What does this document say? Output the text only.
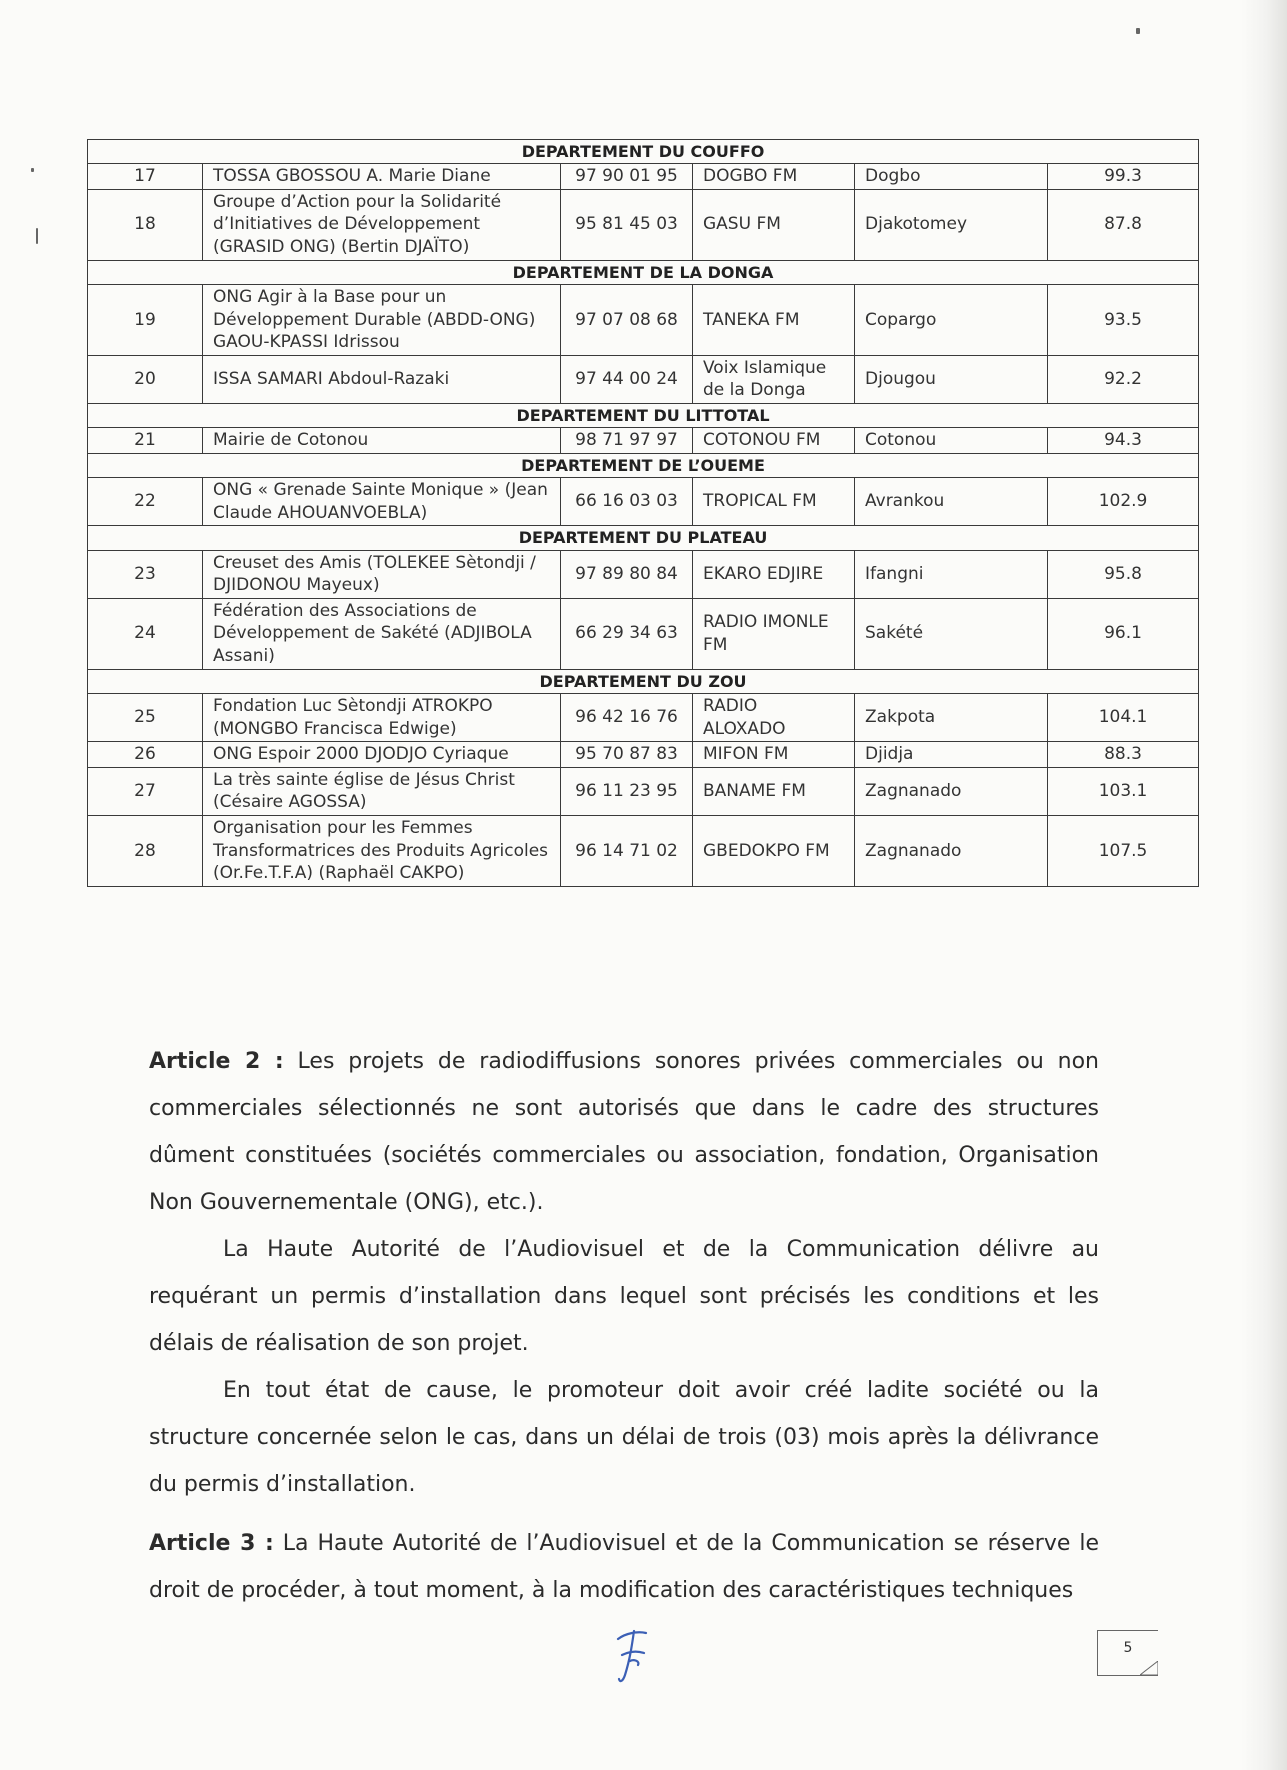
DEPARTEMENT DU COUFFO					
17	TOSSA GBOSSOU A. Marie Diane	97 90 01 95	DOGBO FM	Dogbo	99.3
18	Groupe d’Action pour la Solidarité d’Initiatives de Développement (GRASID ONG) (Bertin DJAÏTO)	95 81 45 03	GASU FM	Djakotomey	87.8
DEPARTEMENT DE LA DONGA					
19	ONG Agir à la Base pour un Développement Durable (ABDD-ONG) GAOU-KPASSI Idrissou	97 07 08 68	TANEKA FM	Copargo	93.5
20	ISSA SAMARI Abdoul-Razaki	97 44 00 24	Voix Islamique de la Donga	Djougou	92.2
DEPARTEMENT DU LITTOTAL					
21	Mairie de Cotonou	98 71 97 97	COTONOU FM	Cotonou	94.3
DEPARTEMENT DE L’OUEME					
22	ONG « Grenade Sainte Monique » (Jean Claude AHOUANVOEBLA)	66 16 03 03	TROPICAL FM	Avrankou	102.9
DEPARTEMENT DU PLATEAU					
23	Creuset des Amis (TOLEKEE Sètondji / DJIDONOU Mayeux)	97 89 80 84	EKARO EDJIRE	Ifangni	95.8
24	Fédération des Associations de Développement de Sakété (ADJIBOLA Assani)	66 29 34 63	RADIO IMONLE FM	Sakété	96.1
DEPARTEMENT DU ZOU					
25	Fondation Luc Sètondji ATROKPO (MONGBO Francisca Edwige)	96 42 16 76	RADIO ALOXADO	Zakpota	104.1
26	ONG Espoir 2000 DJODJO Cyriaque	95 70 87 83	MIFON FM	Djidja	88.3
27	La très sainte église de Jésus Christ (Césaire AGOSSA)	96 11 23 95	BANAME FM	Zagnanado	103.1
28	Organisation pour les Femmes Transformatrices des Produits Agricoles (Or.Fe.T.F.A) (Raphaël CAKPO)	96 14 71 02	GBEDOKPO FM	Zagnanado	107.5

Article 2 : Les projets de radiodiffusions sonores privées commerciales ou non commerciales sélectionnés ne sont autorisés que dans le cadre des structures dûment constituées (sociétés commerciales ou association, fondation, Organisation Non Gouvernementale (ONG), etc.).

La Haute Autorité de l’Audiovisuel et de la Communication délivre au requérant un permis d’installation dans lequel sont précisés les conditions et les délais de réalisation de son projet.

En tout état de cause, le promoteur doit avoir créé ladite société ou la structure concernée selon le cas, dans un délai de trois (03) mois après la délivrance du permis d’installation.

Article 3 : La Haute Autorité de l’Audiovisuel et de la Communication se réserve le droit de procéder, à tout moment, à la modification des caractéristiques techniques

5
